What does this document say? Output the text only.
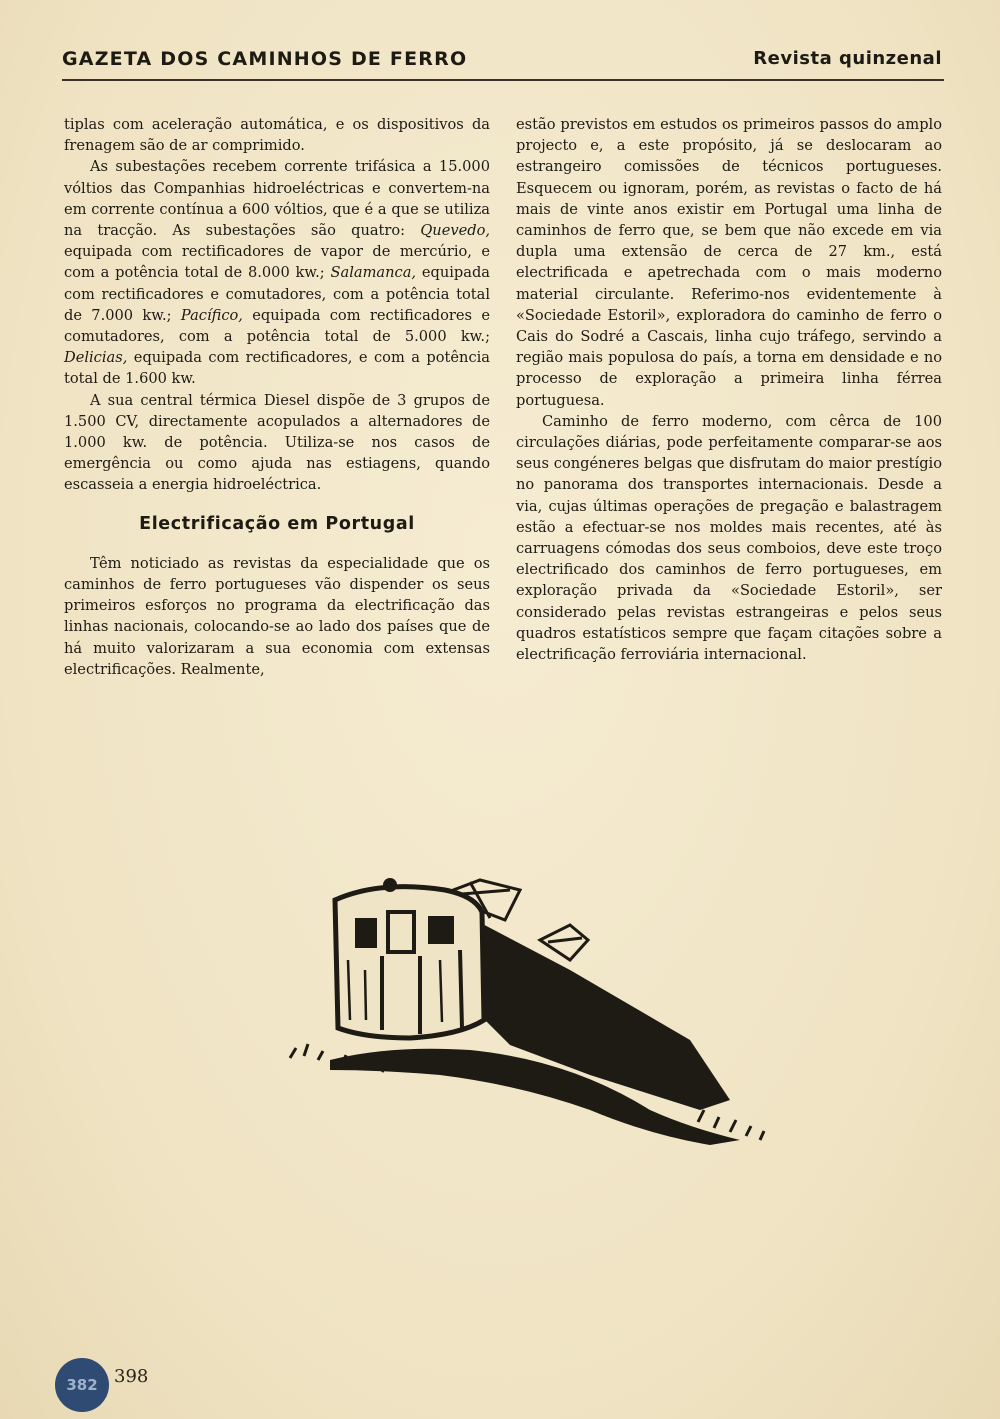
GAZETA DOS CAMINHOS DE FERRO	Revista quinzenal

tiplas com aceleração automática, e os dispositivos da frenagem são de ar comprimido.

As subestações recebem corrente trifásica a 15.000 vóltios das Companhias hidroeléctricas e convertem-na em corrente contínua a 600 vóltios, que é a que se utiliza na tracção. As subestações são quatro: Quevedo, equipada com rectificadores de vapor de mercúrio, e com a potência total de 8.000 kw.; Salamanca, equipada com rectificadores e comutadores, com a potência total de 7.000 kw.; Pacífico, equipada com rectificadores e comutadores, com a potência total de 5.000 kw.; Delicias, equipada com rectificadores, e com a potência total de 1.600 kw.

A sua central térmica Diesel dispõe de 3 grupos de 1.500 CV, directamente acopulados a alternadores de 1.000 kw. de potência. Utiliza-se nos casos de emergência ou como ajuda nas estiagens, quando escasseia a energia hidroeléctrica.

Electrificação em Portugal

Têm noticiado as revistas da especialidade que os caminhos de ferro portugueses vão dispender os seus primeiros esforços no programa da electrificação das linhas nacionais, colocando-se ao lado dos países que de há muito valorizaram a sua economia com extensas electrificações. Realmente,

estão previstos em estudos os primeiros passos do amplo projecto e, a este propósito, já se deslocaram ao estrangeiro comissões de técnicos portugueses. Esquecem ou ignoram, porém, as revistas o facto de há mais de vinte anos existir em Portugal uma linha de caminhos de ferro que, se bem que não excede em via dupla uma extensão de cerca de 27 km., está electrificada e apetrechada com o mais moderno material circulante. Referimo-nos evidentemente à «Sociedade Estoril», exploradora do caminho de ferro o Cais do Sodré a Cascais, linha cujo tráfego, servindo a região mais populosa do país, a torna em densidade e no processo de exploração a primeira linha férrea portuguesa.

Caminho de ferro moderno, com cêrca de 100 circulações diárias, pode perfeitamente comparar-se aos seus congéneres belgas que disfrutam do maior prestígio no panorama dos transportes internacionais. Desde a via, cujas últimas operações de pregação e balastragem estão a efectuar-se nos moldes mais recentes, até às carruagens cómodas dos seus comboios, deve este troço electrificado dos caminhos de ferro portugueses, em exploração privada da «Sociedade Estoril», ser considerado pelas revistas estrangeiras e pelos seus quadros estatísticos sempre que façam citações sobre a electrificação ferroviária internacional.

382 398
